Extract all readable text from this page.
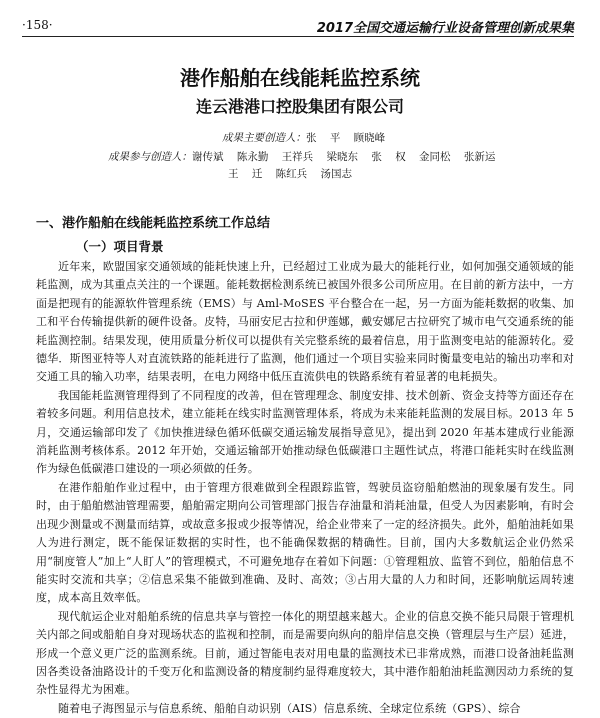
·158·	2017全国交通运输行业设备管理创新成果集
港作船舶在线能耗监控系统
连云港港口控股集团有限公司
成果主要创造人：张 平 顾晓峰
成果参与创造人：谢传斌 陈永勤 王祥兵 梁晓东 张 权 金同松 张新运
王 迁 陈红兵 汤国志
一、港作船舶在线能耗监控系统工作总结
（一）项目背景

近年来，欧盟国家交通领域的能耗快速上升，已经超过工业成为最大的能耗行业，如何加强交通领域的能耗监测，成为其重点关注的一个课题。能耗数据检测系统已被国外很多公司所应用。在目前的新方法中，一方面是把现有的能源软件管理系统（EMS）与 Aml-MoSES 平台整合在一起，另一方面为能耗数据的收集、加工和平台传输提供新的硬件设备。皮特，马丽安尼古拉和伊莲娜，戴安娜尼古拉研究了城市电气交通系统的能耗监测控制。结果发现，使用质量分析仪可以提供有关完整系统的最着信息，用于监测变电站的能源转化。爱德华．斯图亚特等人对直流铁路的能耗进行了监测，他们通过一个项目实验来同时衡量变电站的输出功率和对交通工具的输入功率，结果表明，在电力网络中低压直流供电的铁路系统有着显著的电耗损失。

我国能耗监测管理得到了不同程度的改善，但在管理理念、制度安排、技术创新、资金支持等方面还存在着较多问题。利用信息技术，建立能耗在线实时监测管理体系，将成为未来能耗监测的发展目标。2013 年 5 月，交通运输部印发了《加快推进绿色循环低碳交通运输发展指导意见》，提出到 2020 年基本建成行业能源消耗监测考核体系。2012 年开始，交通运输部开始推动绿色低碳港口主题性试点，将港口能耗实时在线监测作为绿色低碳港口建设的一项必须做的任务。

在港作船舶作业过程中，由于管理方很难做到全程跟踪监管，驾驶员盗窃船舶燃油的现象屡有发生。同时，由于船舶燃油管理需要，船舶需定期向公司管理部门报告存油量和消耗油量，但受人为因素影响，有时会出现少测量或不测量而结算，或故意多报或少报等情况，给企业带来了一定的经济损失。此外，船舶油耗如果人为进行测定，既不能保证数据的实时性，也不能确保数据的精确性。目前，国内大多数航运企业仍然采用“制度管人”加上“人盯人”的管理模式，不可避免地存在着如下问题：①管理粗放、监管不到位，船舶信息不能实时交流和共享；②信息采集不能做到准确、及时、高效；③占用大量的人力和时间，还影响航运周转速度，成本高且效率低。

现代航运企业对船舶系统的信息共享与管控一体化的期望越来越大。企业的信息交换不能只局限于管理机关内部之间或船舶自身对现场状态的监视和控制，而是需要向纵向的船岸信息交换（管理层与生产层）延进，形成一个意义更广泛的监测系统。目前，通过智能电表对用电量的监测技术已非常成熟，而港口设备油耗监测因各类设备油路设计的千变万化和监测设备的精度制约显得难度较大，其中港作船舶油耗监测因动力系统的复杂性显得尤为困难。

随着电子海图显示与信息系统、船舶自动识别（AIS）信息系统、全球定位系统（GPS）、综合
